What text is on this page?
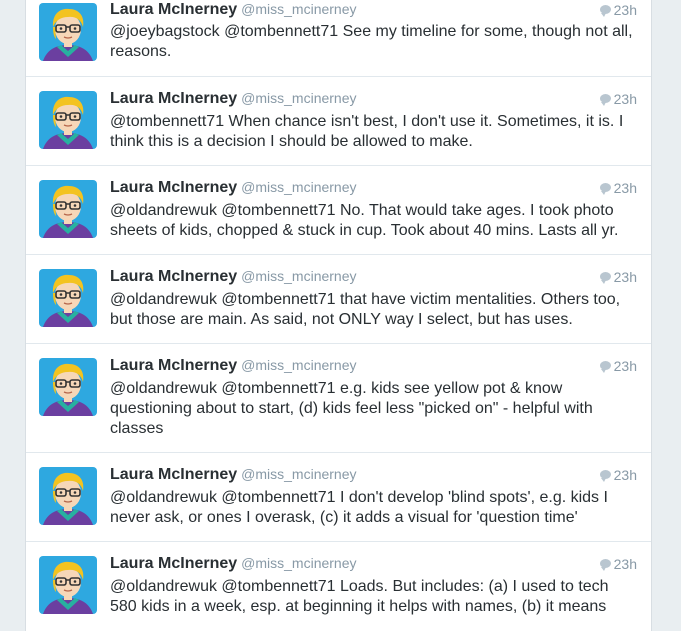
Laura McInerney @miss_mcinerney	23h
@joeybagstock @tombennett71 See my timeline for some, though not all, reasons.
Laura McInerney @miss_mcinerney	23h
@tombennett71 When chance isn't best, I don't use it. Sometimes, it is. I think this is a decision I should be allowed to make.
Laura McInerney @miss_mcinerney	23h
@oldandrewuk @tombennett71 No. That would take ages. I took photo sheets of kids, chopped & stuck in cup. Took about 40 mins. Lasts all yr.
Laura McInerney @miss_mcinerney	23h
@oldandrewuk @tombennett71 that have victim mentalities. Others too, but those are main. As said, not ONLY way I select, but has uses.
Laura McInerney @miss_mcinerney	23h
@oldandrewuk @tombennett71 e.g. kids see yellow pot & know questioning about to start, (d) kids feel less "picked on" - helpful with classes
Laura McInerney @miss_mcinerney	23h
@oldandrewuk @tombennett71 I don't develop 'blind spots', e.g. kids I never ask, or ones I overask, (c) it adds a visual for 'question time'
Laura McInerney @miss_mcinerney	23h
@oldandrewuk @tombennett71 Loads. But includes: (a) I used to tech 580 kids in a week, esp. at beginning it helps with names, (b) it means
